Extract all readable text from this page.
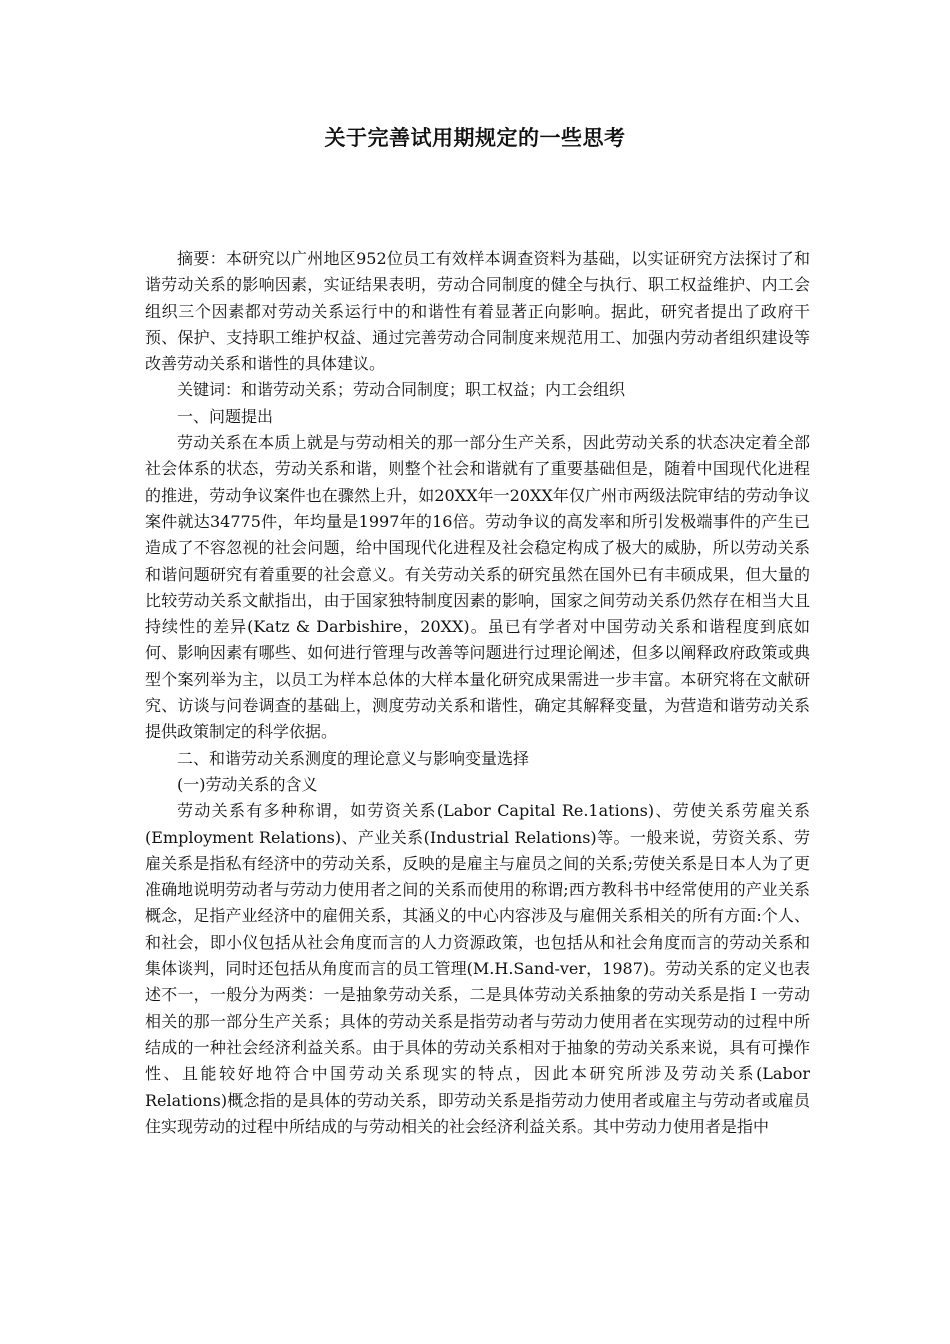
关于完善试用期规定的一些思考

摘要：本研究以广州地区952位员工有效样本调查资料为基础，以实证研究方法探讨了和谐劳动关系的影响因素，实证结果表明，劳动合同制度的健全与执行、职工权益维护、内工会组织三个因素都对劳动关系运行中的和谐性有着显著正向影响。据此，研究者提出了政府干预、保护、支持职工维护权益、通过完善劳动合同制度来规范用工、加强内劳动者组织建设等改善劳动关系和谐性的具体建议。

关键词：和谐劳动关系；劳动合同制度；职工权益；内工会组织

一、问题提出

劳动关系在本质上就是与劳动相关的那一部分生产关系，因此劳动关系的状态决定着全部社会体系的状态，劳动关系和谐，则整个社会和谐就有了重要基础但是，随着中国现代化进程的推进，劳动争议案件也在骤然上升，如20XX年一20XX年仅广州市两级法院审结的劳动争议案件就达34775件，年均量是1997年的16倍。劳动争议的高发率和所引发极端事件的产生已造成了不容忽视的社会问题，给中国现代化进程及社会稳定构成了极大的威胁，所以劳动关系和谐问题研究有着重要的社会意义。有关劳动关系的研究虽然在国外已有丰硕成果，但大量的比较劳动关系文献指出，由于国家独特制度因素的影响，国家之间劳动关系仍然存在相当大且持续性的差异(Katz & Darbishire，20XX)。虽已有学者对中国劳动关系和谐程度到底如何、影响因素有哪些、如何进行管理与改善等问题进行过理论阐述，但多以阐释政府政策或典型个案列举为主，以员工为样本总体的大样本量化研究成果需进一步丰富。本研究将在文献研究、访谈与问卷调查的基础上，测度劳动关系和谐性，确定其解释变量，为营造和谐劳动关系提供政策制定的科学依据。

二、和谐劳动关系测度的理论意义与影响变量选择

(一)劳动关系的含义

劳动关系有多种称谓，如劳资关系(Labor Capital Re.1ations)、劳使关系劳雇关系(Employment Relations)、产业关系(Industrial Relations)等。一般来说，劳资关系、劳雇关系是指私有经济中的劳动关系，反映的是雇主与雇员之间的关系;劳使关系是日本人为了更准确地说明劳动者与劳动力使用者之间的关系而使用的称谓;西方教科书中经常使用的产业关系概念，足指产业经济中的雇佣关系，其涵义的中心内容涉及与雇佣关系相关的所有方面:个人、和社会，即小仪包括从社会角度而言的人力资源政策，也包括从和社会角度而言的劳动关系和集体谈判，同时还包括从角度而言的员工管理(M.H.Sand-ver，1987)。劳动关系的定义也表述不一，一般分为两类：一是抽象劳动关系，二是具体劳动关系抽象的劳动关系是指Ｉ一劳动相关的那一部分生产关系；具体的劳动关系是指劳动者与劳动力使用者在实现劳动的过程中所结成的一种社会经济利益关系。由于具体的劳动关系相对于抽象的劳动关系来说，具有可操作性、且能较好地符合中国劳动关系现实的特点，因此本研究所涉及劳动关系(Labor Relations)概念指的是具体的劳动关系，即劳动关系是指劳动力使用者或雇主与劳动者或雇员住实现劳动的过程中所结成的与劳动相关的社会经济利益关系。其中劳动力使用者是指中
